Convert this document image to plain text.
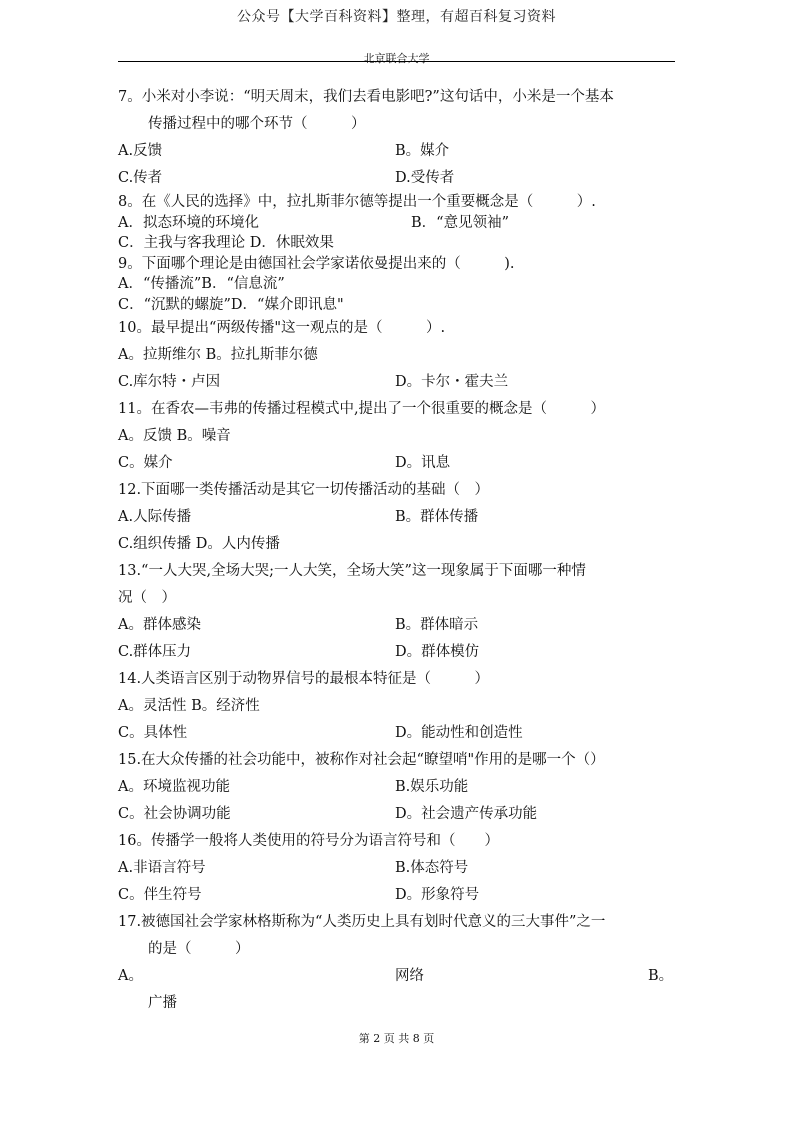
公众号【大学百科资料】整理，有超百科复习资料
北京联合大学
7。小米对小李说：“明天周末，我们去看电影吧?”这句话中，小米是一个基本
传播过程中的哪个环节（　　　）
A.反馈	B。媒介
C.传者	D.受传者
8。在《人民的选择》中，拉扎斯菲尔德等提出一个重要概念是（　　　）.
A．拟态环境的环境化	B．“意见领袖”
C．主我与客我理论 D．休眠效果
9。下面哪个理论是由德国社会学家诺依曼提出来的（　　　).
A．“传播流”B．“信息流”
C．“沉默的螺旋”D．“媒介即讯息"
10。最早提出“两级传播"这一观点的是（　　　）.
A。拉斯维尔 B。拉扎斯菲尔德
C.库尔特・卢因	D。卡尔・霍夫兰
11。在香农—韦弗的传播过程模式中,提出了一个很重要的概念是（　　　）
A。反馈 B。噪音
C。媒介	D。讯息
12.下面哪一类传播活动是其它一切传播活动的基础（　）
A.人际传播	B。群体传播
C.组织传播 D。人内传播
13.“一人大哭,全场大哭;一人大笑，全场大笑”这一现象属于下面哪一种情
况（　）
A。群体感染	B。群体暗示
C.群体压力	D。群体模仿
14.人类语言区别于动物界信号的最根本特征是（　　　）
A。灵活性 B。经济性
C。具体性	D。能动性和创造性
15.在大众传播的社会功能中，被称作对社会起“瞭望哨"作用的是哪一个（）
A。环境监视功能	B.娱乐功能
C。社会协调功能	D。社会遗产传承功能
16。传播学一般将人类使用的符号分为语言符号和（　　）
A.非语言符号	B.体态符号
C。伴生符号	D。形象符号
17.被德国社会学家林格斯称为“人类历史上具有划时代意义的三大事件”之一
的是（　　　）
A。	网络	B。
广播
第 2 页 共 8 页
